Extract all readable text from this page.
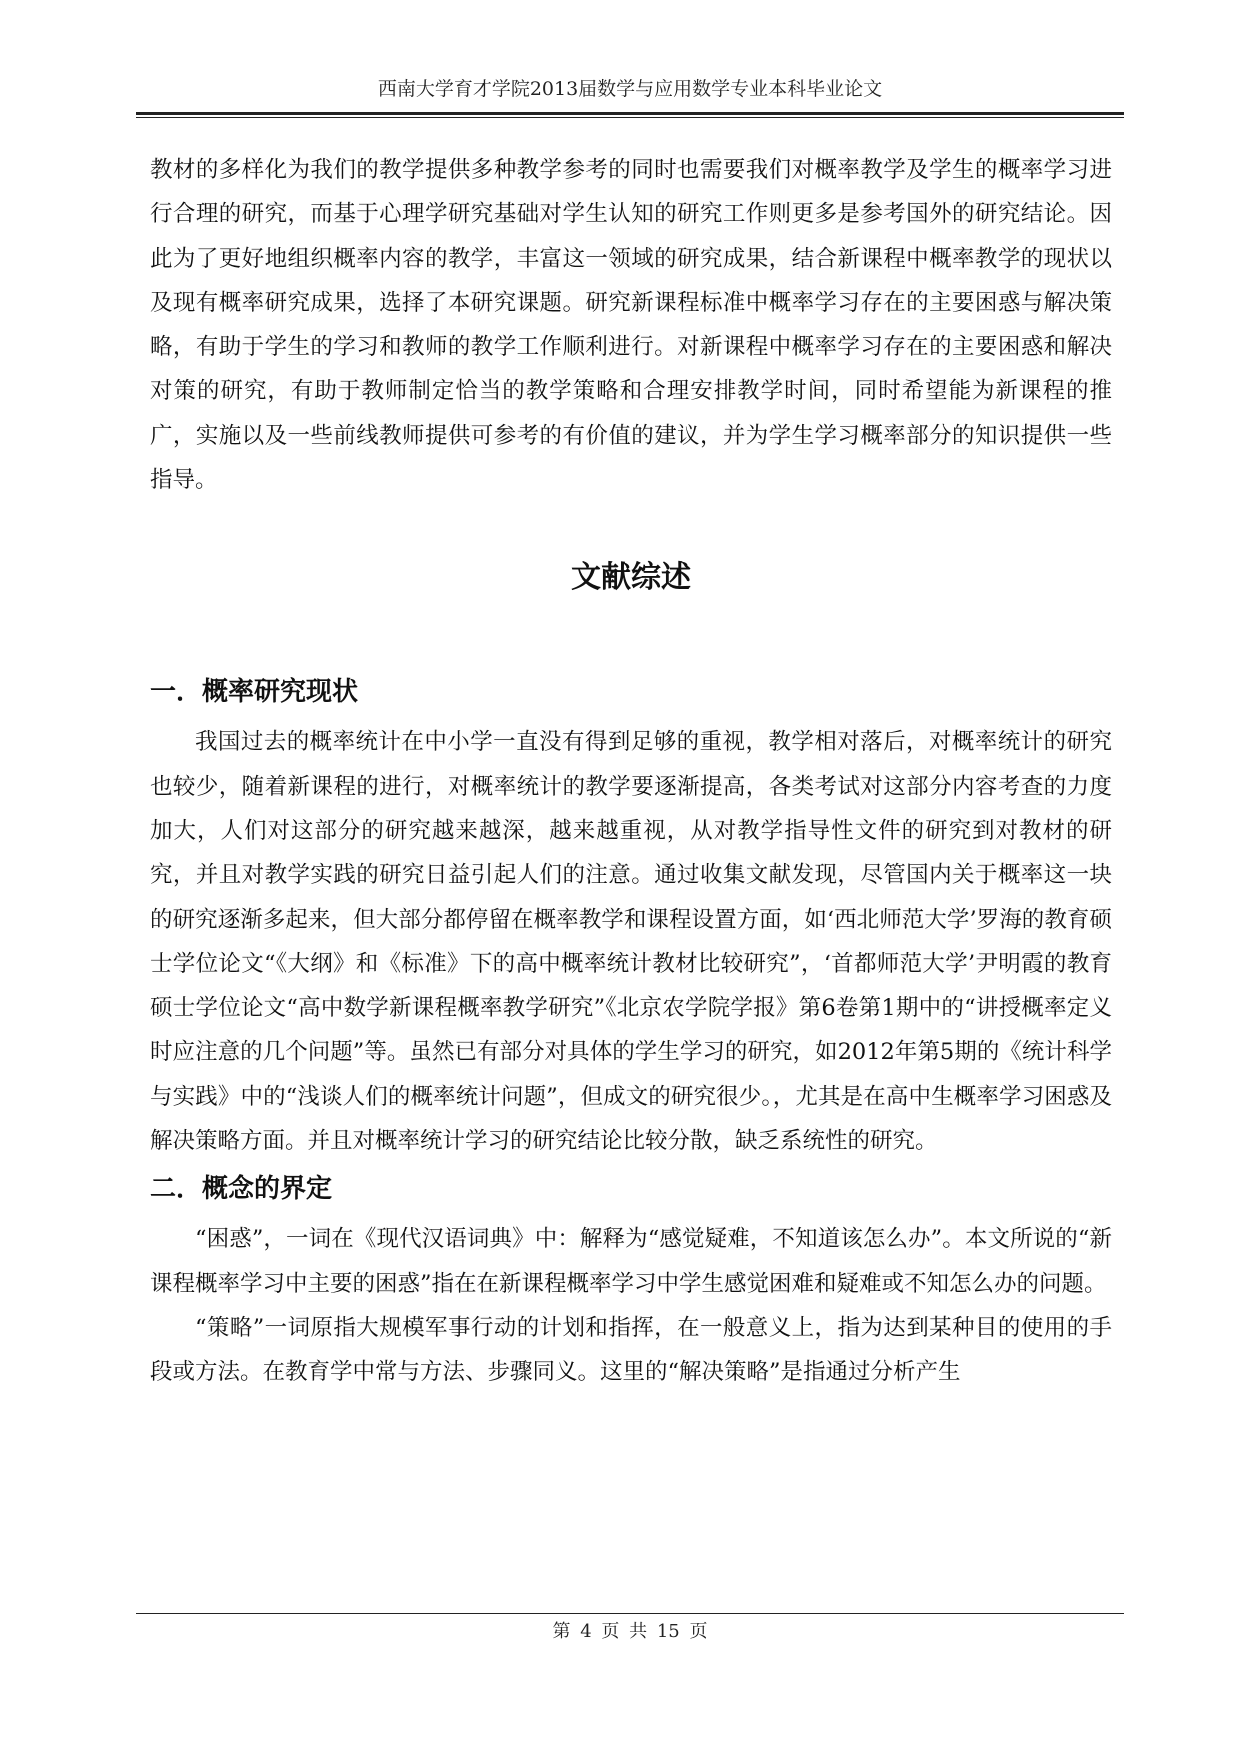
西南大学育才学院2013届数学与应用数学专业本科毕业论文

教材的多样化为我们的教学提供多种教学参考的同时也需要我们对概率教学及学生的概率学习进行合理的研究，而基于心理学研究基础对学生认知的研究工作则更多是参考国外的研究结论。因此为了更好地组织概率内容的教学，丰富这一领域的研究成果，结合新课程中概率教学的现状以及现有概率研究成果，选择了本研究课题。研究新课程标准中概率学习存在的主要困惑与解决策略，有助于学生的学习和教师的教学工作顺利进行。对新课程中概率学习存在的主要困惑和解决对策的研究，有助于教师制定恰当的教学策略和合理安排教学时间，同时希望能为新课程的推广，实施以及一些前线教师提供可参考的有价值的建议，并为学生学习概率部分的知识提供一些指导。

文献综述
一．概率研究现状

我国过去的概率统计在中小学一直没有得到足够的重视，教学相对落后，对概率统计的研究也较少，随着新课程的进行，对概率统计的教学要逐渐提高，各类考试对这部分内容考查的力度加大，人们对这部分的研究越来越深，越来越重视，从对教学指导性文件的研究到对教材的研究，并且对教学实践的研究日益引起人们的注意。通过收集文献发现，尽管国内关于概率这一块的研究逐渐多起来，但大部分都停留在概率教学和课程设置方面，如‘西北师范大学’罗海的教育硕士学位论文“《大纲》和《标准》下的高中概率统计教材比较研究”，‘首都师范大学’尹明霞的教育硕士学位论文“高中数学新课程概率教学研究”《北京农学院学报》第6卷第1期中的“讲授概率定义时应注意的几个问题”等。虽然已有部分对具体的学生学习的研究，如2012年第5期的《统计科学与实践》中的“浅谈人们的概率统计问题”，但成文的研究很少。，尤其是在高中生概率学习困惑及解决策略方面。并且对概率统计学习的研究结论比较分散，缺乏系统性的研究。

二．概念的界定

“困惑”，一词在《现代汉语词典》中：解释为“感觉疑难，不知道该怎么办”。本文所说的“新课程概率学习中主要的困惑”指在在新课程概率学习中学生感觉困难和疑难或不知怎么办的问题。

“策略”一词原指大规模军事行动的计划和指挥，在一般意义上，指为达到某种目的使用的手段或方法。在教育学中常与方法、步骤同义。这里的“解决策略”是指通过分析产生

第 4 页 共 15 页
